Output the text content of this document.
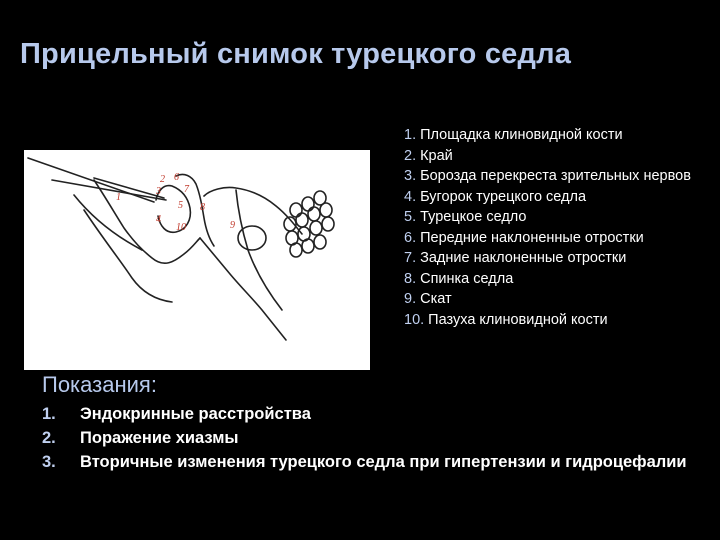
Прицельный снимок турецкого седла
1
2
3
4
5
6
7
8
9
10
1. Площадка клиновидной кости
2. Край
3. Борозда перекреста зрительных нервов
4. Бугорок турецкого седла
5. Турецкое седло
6. Передние наклоненные отростки
7. Задние наклоненные отростки
8. Спинка седла
9. Скат
10. Пазуха клиновидной кости
Показания:
1.	Эндокринные расстройства
2.	Поражение хиазмы
3.	Вторичные изменения турецкого седла при гипертензии и гидроцефалии
